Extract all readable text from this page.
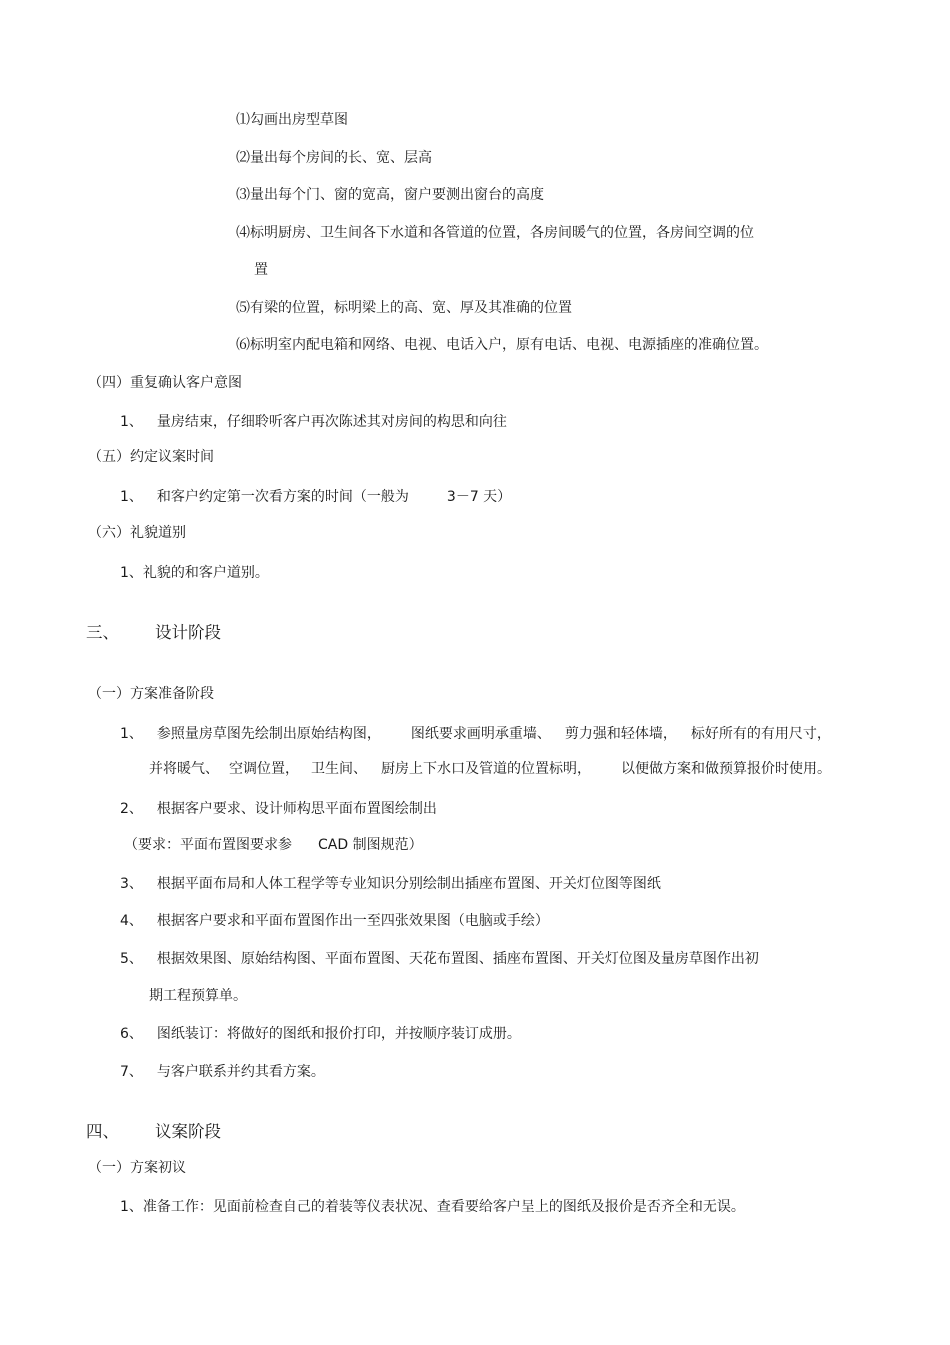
⑴勾画出房型草图
⑵量出每个房间的长、宽、层高
⑶量出每个门、窗的宽高，窗户要测出窗台的高度
⑷标明厨房、卫生间各下水道和各管道的位置，各房间暖气的位置，各房间空调的位
置
⑸有梁的位置，标明梁上的高、宽、厚及其准确的位置
⑹标明室内配电箱和网络、电视、电话入户，原有电话、电视、电源插座的准确位置。
（四）重复确认客户意图
1、 量房结束，仔细聆听客户再次陈述其对房间的构思和向往
（五）约定议案时间
1、 和客户约定第一次看方案的时间（一般为	3－7 天）
（六）礼貌道别
1、礼貌的和客户道别。
三、 设计阶段
（一）方案准备阶段
1、 参照量房草图先绘制出原始结构图， 图纸要求画明承重墙、 剪力强和轻体墙， 标好所有的有用尺寸，
并将暖气、 空调位置， 卫生间、 厨房上下水口及管道的位置标明， 以便做方案和做预算报价时使用。
2、 根据客户要求、设计师构思平面布置图绘制出
（要求：平面布置图要求参 CAD 制图规范）
3、 根据平面布局和人体工程学等专业知识分别绘制出插座布置图、开关灯位图等图纸
4、 根据客户要求和平面布置图作出一至四张效果图（电脑或手绘）
5、 根据效果图、原始结构图、平面布置图、天花布置图、插座布置图、开关灯位图及量房草图作出初
期工程预算单。
6、 图纸装订：将做好的图纸和报价打印，并按顺序装订成册。
7、 与客户联系并约其看方案。
四、 议案阶段
（一）方案初议
1、准备工作：见面前检查自己的着装等仪表状况、查看要给客户呈上的图纸及报价是否齐全和无误。
